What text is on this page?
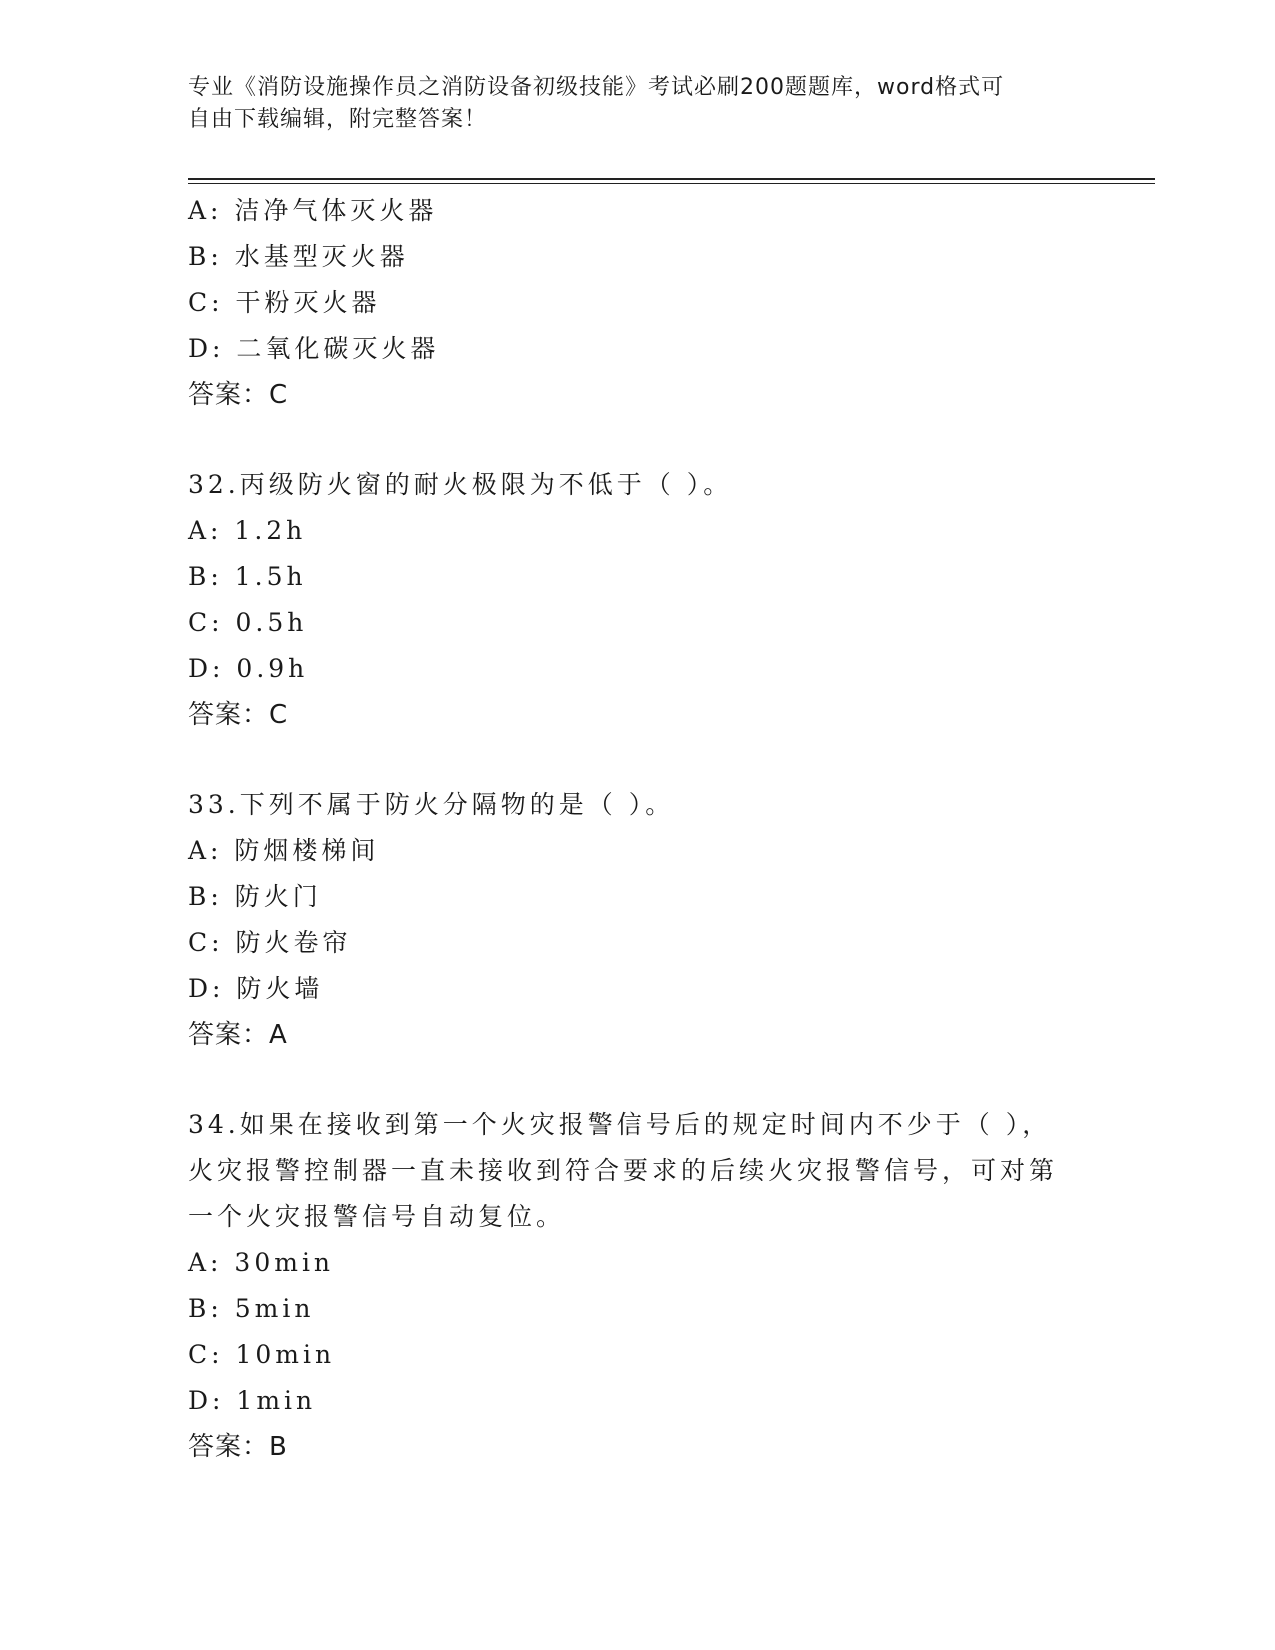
专业《消防设施操作员之消防设备初级技能》考试必刷200题题库，word格式可
自由下载编辑，附完整答案！
A: 洁净气体灭火器
B: 水基型灭火器
C: 干粉灭火器
D: 二氧化碳灭火器
答案：C
32.丙级防火窗的耐火极限为不低于（ ）。
A: 1.2h
B: 1.5h
C: 0.5h
D: 0.9h
答案：C
33.下列不属于防火分隔物的是（ ）。
A: 防烟楼梯间
B: 防火门
C: 防火卷帘
D: 防火墙
答案：A
34.如果在接收到第一个火灾报警信号后的规定时间内不少于（ ），
火灾报警控制器一直未接收到符合要求的后续火灾报警信号，可对第
一个火灾报警信号自动复位。
A: 30min
B: 5min
C: 10min
D: 1min
答案：B
